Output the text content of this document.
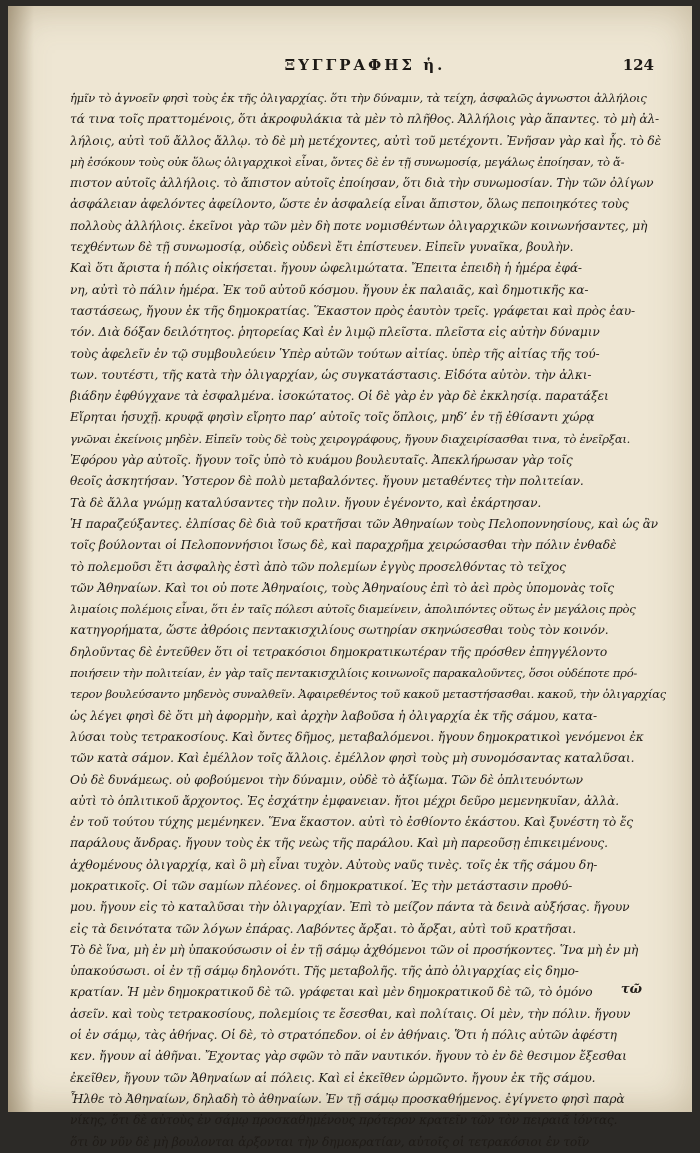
ΞΥΓΓΡΑΦΗΣ ἡ.	124
ἡμῖν τὸ ἀγνοεῖν φησὶ τοὺς ἐκ τῆς ὀλιγαρχίας. ὅτι τὴν δύναμιν, τὰ τείχη, ἀσφαλῶς ἀγνωστοι ἀλλήλοις
τά τινα τοῖς πραττομένοις, ὅτι ἀκροφυλάκια τὰ μὲν τὸ πλῆθος. Ἀλλήλοις γὰρ ἅπαντες. τὸ μὴ ἀλ-
λήλοις, αὐτὶ τοῦ ἄλλος ἄλλῳ. τὸ δὲ μὴ μετέχοντες, αὐτὶ τοῦ μετέχοντι. Ἐνῆσαν γὰρ καὶ ἧς. τὸ δὲ
μὴ ἐσόκουν τοὺς οὐκ ὅλως ὀλιγαρχικοὶ εἶναι, ὄντες δὲ ἐν τῇ συνωμοσίᾳ, μεγάλως ἐποίησαν, τὸ ἄ-
πιστον αὐτοῖς ἀλλήλοις. τὸ ἄπιστον αὐτοῖς ἐποίησαν, ὅτι διὰ τὴν συνωμοσίαν. Τὴν τῶν ὀλίγων
ἀσφάλειαν ἀφελόντες ἀφείλοντο, ὥστε ἐν ἀσφαλείᾳ εἶναι ἄπιστον, ὅλως πεποιηκότες τοὺς
πολλοὺς ἀλλήλοις. ἐκεῖνοι γὰρ τῶν μὲν δὴ ποτε νομισθέντων ὀλιγαρχικῶν κοινωνήσαντες, μὴ
τεχθέντων δὲ τῇ συνωμοσίᾳ, οὐδεὶς οὐδενὶ ἔτι ἐπίστευεν. Εἰπεῖν γυναῖκα, βουλὴν.
Καὶ ὅτι ἄριστα ἡ πόλις οἰκήσεται. ἤγουν ὠφελιμώτατα. Ἔπειτα ἐπειδὴ ἡ ἡμέρα ἐφά-
νη, αὐτὶ τὸ πάλιν ἡμέρα. Ἐκ τοῦ αὐτοῦ κόσμου. ἤγουν ἐκ παλαιᾶς, καὶ δημοτικῆς κα-
ταστάσεως, ἤγουν ἐκ τῆς δημοκρατίας. Ἕκαστον πρὸς ἑαυτὸν τρεῖς. γράφεται καὶ πρὸς ἑαυ-
τόν. Διὰ δόξαν δειλότητος. ῥητορείας Καὶ ἐν λιμῷ πλεῖστα. πλεῖστα εἰς αὐτὴν δύναμιν
τοὺς ἀφελεῖν ἐν τῷ συμβουλεύειν Ὑπὲρ αὐτῶν τούτων αἰτίας. ὑπὲρ τῆς αἰτίας τῆς τού-
των. τουτέστι, τῆς κατὰ τὴν ὀλιγαρχίαν, ὡς συγκατάστασις. Εἰδότα αὐτὸν. τὴν ἀλκι-
βιάδην ἐφθύγχανε τὰ ἐσφαλμένα. ἰσοκώτατος. Οἱ δὲ γὰρ ἐν γὰρ δὲ ἐκκλησίᾳ. παρατάξει
Εἴρηται ἡσυχῇ. κρυφᾷ φησὶν εἴρητο παρ’ αὐτοῖς τοῖς ὅπλοις, μηδ’ ἐν τῇ ἐθίσαντι χώρᾳ
γνῶναι ἐκείνοις μηδὲν. Εἰπεῖν τοὺς δὲ τοὺς χειρογράφους, ἤγουν διαχειρίσασθαι τινα, τὸ ἐνεῖρξαι.
Ἐφόρου γὰρ αὐτοῖς. ἤγουν τοῖς ὑπὸ τὸ κυάμου βουλευταῖς. Ἀπεκλήρωσαν γὰρ τοῖς
θεοῖς ἀσκητήσαν. Ὑστερον δὲ πολὺ μεταβαλόντες. ἤγουν μεταθέντες τὴν πολιτείαν.
Τὰ δὲ ἄλλα γνώμῃ καταλύσαντες τὴν πολιν. ἤγουν ἐγένοντο, καὶ ἐκάρτησαν.
Ἡ παραζεύξαντες. ἐλπίσας δὲ διὰ τοῦ κρατῆσαι τῶν Ἀθηναίων τοὺς Πελοποννησίους, καὶ ὡς ἂν
τοῖς βούλονται οἱ Πελοποννήσιοι ἴσως δὲ, καὶ παραχρῆμα χειρώσασθαι τὴν πόλιν ἐνθαδὲ
τὸ πολεμοῦσι ἔτι ἀσφαλὴς ἐστὶ ἀπὸ τῶν πολεμίων ἐγγὺς προσελθόντας τὸ τεῖχος
τῶν Ἀθηναίων. Καὶ τοι οὐ ποτε Ἀθηναίοις, τοὺς Ἀθηναίους ἐπὶ τὸ ἀεὶ πρὸς ὑπομονὰς τοῖς
λιμαίοις πολέμοις εἶναι, ὅτι ἐν ταῖς πόλεσι αὐτοῖς διαμείνειν, ἀπολιπόντες οὕτως ἐν μεγάλοις πρὸς
κατηγορήματα, ὥστε ἀθρόοις πεντακισχιλίους σωτηρίαν σκηνώσεσθαι τοὺς τὸν κοινόν.
δηλοῦντας δὲ ἐντεῦθεν ὅτι οἱ τετρακόσιοι δημοκρατικωτέραν τῆς πρόσθεν ἐπηγγέλοντο
ποιήσειν τὴν πολιτείαν, ἐν γὰρ ταῖς πεντακισχιλίοις κοινωνοῖς παρακαλοῦντες, ὅσοι οὐδέποτε πρό-
τερον βουλεύσαντο μηδενὸς συναλθεῖν. Ἀφαιρεθέντος τοῦ κακοῦ μεταστήσασθαι. κακοῦ, τὴν ὀλιγαρχίας
ὡς λέγει φησὶ δὲ ὅτι μὴ ἀφορμὴν, καὶ ἀρχὴν λαβοῦσα ἡ ὀλιγαρχία ἐκ τῆς σάμου, κατα-
λύσαι τοὺς τετρακοσίους. Καὶ ὄντες δῆμος, μεταβαλόμενοι. ἤγουν δημοκρατικοὶ γενόμενοι ἐκ
τῶν κατὰ σάμον. Καὶ ἐμέλλον τοῖς ἄλλοις. ἐμέλλον φησὶ τοὺς μὴ συνομόσαντας καταλῦσαι.
Οὐ δὲ δυνάμεως. οὐ φοβούμενοι τὴν δύναμιν, οὐδὲ τὸ ἀξίωμα. Τῶν δὲ ὁπλιτευόντων
αὐτὶ τὸ ὁπλιτικοῦ ἄρχοντος. Ἐς ἐσχάτην ἐμφανειαν. ἤτοι μέχρι δεῦρο μεμενηκυῖαν, ἀλλὰ.
ἐν τοῦ τούτου τύχης μεμένηκεν. Ἕνα ἕκαστον. αὐτὶ τὸ ἐσθίοντο ἑκάστου. Καὶ ξυνέστη τὸ ἔς
παράλους ἄνδρας. ἤγουν τοὺς ἐκ τῆς νεὼς τῆς παράλου. Καὶ μὴ παρεοῦσῃ ἐπικειμένους.
ἀχθομένους ὀλιγαρχίᾳ, καὶ ὃ μὴ εἶναι τυχὸν. Αὐτοὺς ναῦς τινὲς. τοῖς ἐκ τῆς σάμου δη-
μοκρατικοῖς. Οἱ τῶν σαμίων πλέονες. οἱ δημοκρατικοί. Ἐς τὴν μετάστασιν προθύ-
μου. ἤγουν εἰς τὸ καταλῦσαι τὴν ὀλιγαρχίαν. Ἐπὶ τὸ μείζον πάντα τὰ δεινὰ αὐξήσας. ἤγουν
εἰς τὰ δεινότατα τῶν λόγων ἐπάρας. Λαβόντες ἄρξαι. τὸ ἄρξαι, αὐτὶ τοῦ κρατῆσαι.
Τὸ δὲ ἵνα, μὴ ἐν μὴ ὑπακούσωσιν οἱ ἐν τῇ σάμῳ ἀχθόμενοι τῶν οἱ προσήκοντες. Ἵνα μὴ ἐν μὴ
ὑπακούσωσι. οἱ ἐν τῇ σάμῳ δηλονότι. Τῆς μεταβολῆς. τῆς ἀπὸ ὀλιγαρχίας εἰς δημο-
κρατίαν. Ἡ μὲν δημοκρατικοῦ δὲ τῶ. γράφεται καὶ μὲν δημοκρατικοῦ δὲ τῶ, τὸ ὁμόνο
ἀσεῖν. καὶ τοὺς τετρακοσίους, πολεμίοις τε ἔσεσθαι, καὶ πολίταις. Οἱ μὲν, τὴν πόλιν. ἤγουν
οἱ ἐν σάμῳ, τὰς ἀθήνας. Οἱ δὲ, τὸ στρατόπεδον. οἱ ἐν ἀθήναις. Ὅτι ἡ πόλις αὐτῶν ἀφέστη
κεν. ἤγουν αἱ ἀθῆναι. Ἔχοντας γὰρ σφῶν τὸ πᾶν ναυτικόν. ἤγουν τὸ ἐν δὲ θεσιμον ἔξεσθαι
ἐκεῖθεν, ἤγουν τῶν Ἀθηναίων αἱ πόλεις. Καὶ εἰ ἐκεῖθεν ὡρμῶντο. ἤγουν ἐκ τῆς σάμου.
Ἦλθε τὸ Ἀθηναίων, δηλαδὴ τὸ ἀθηναίων. Ἐν τῇ σάμῳ προσκαθήμενος. ἐγίγνετο φησὶ παρὰ
νίκης, ὅτι δὲ αὐτοὺς ἐν σάμῳ προσκαθημένους πρότερον κρατεῖν τῶν τὸν πειραιᾶ ἰόντας.
ὅτι ὃν νῦν δὲ μὴ βουλονται ἀρξονται τὴν δημοκρατίαν, αὐτοῖς οἱ τετρακόσιοι ἐν τοῖν
τῶ
